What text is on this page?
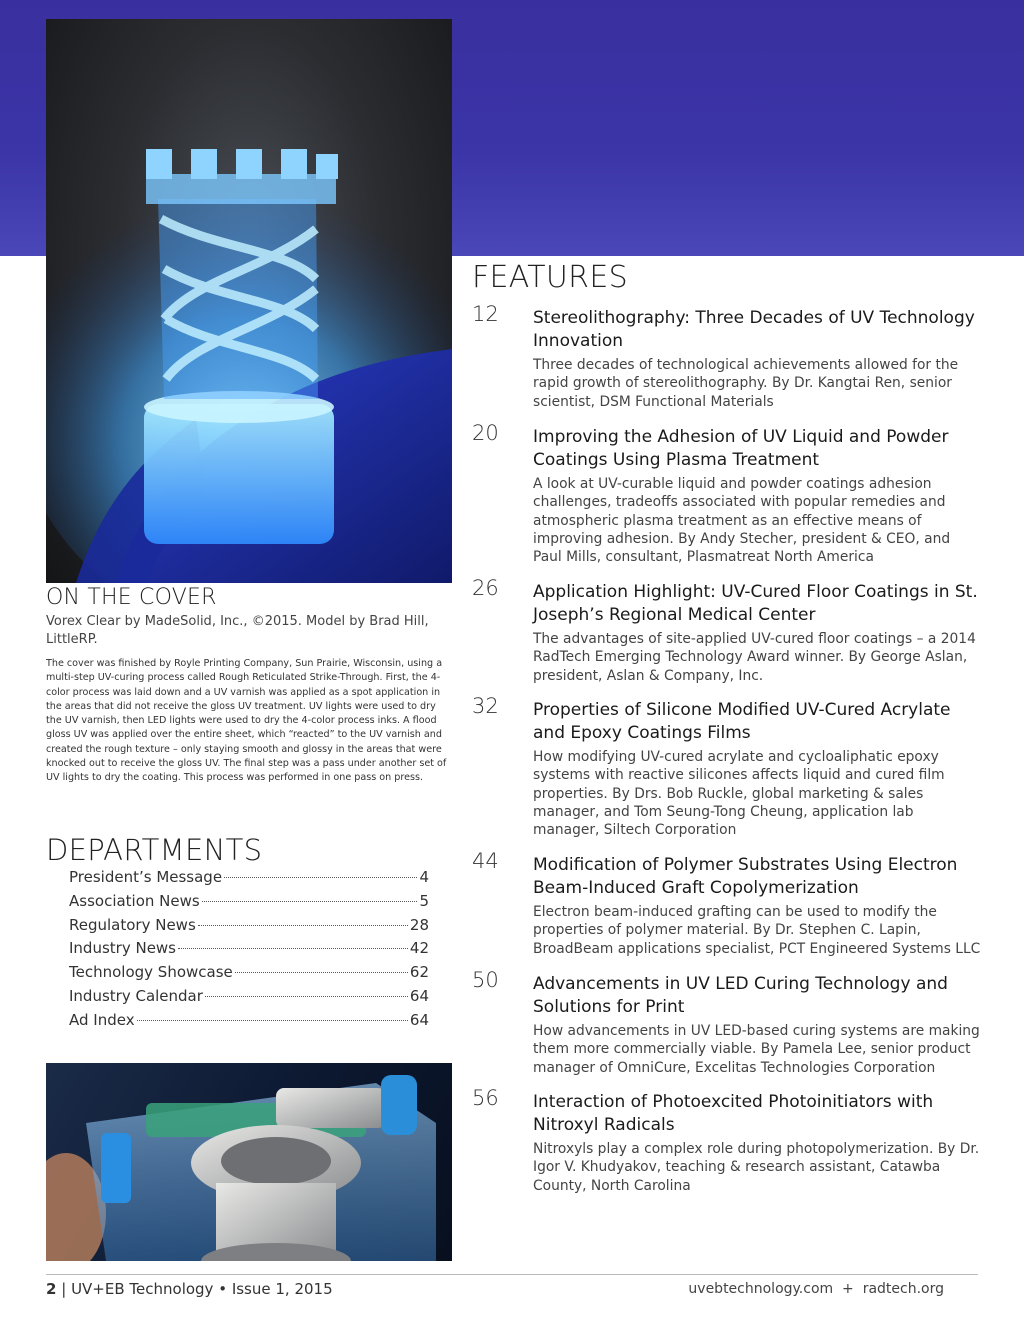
ON THE COVER
Vorex Clear by MadeSolid, Inc., ©2015. Model by Brad Hill, LittleRP.
The cover was finished by Royle Printing Company, Sun Prairie, Wisconsin, using a multi-step UV-curing process called Rough Reticulated Strike-Through. First, the 4-color process was laid down and a UV varnish was applied as a spot application in the areas that did not receive the gloss UV treatment. UV lights were used to dry the UV varnish, then LED lights were used to dry the 4-color process inks. A flood gloss UV was applied over the entire sheet, which “reacted” to the UV varnish and created the rough texture – only staying smooth and glossy in the areas that were knocked out to receive the gloss UV. The final step was a pass under another set of UV lights to dry the coating. This process was performed in one pass on press.
DEPARTMENTS
President’s Message	4
Association News	5
Regulatory News	28
Industry News	42
Technology Showcase	62
Industry Calendar	64
Ad Index	64
FEATURES
12 Stereolithography: Three Decades of UV Technology Innovation
Three decades of technological achievements allowed for the rapid growth of stereolithography. By Dr. Kangtai Ren, senior scientist, DSM Functional Materials
20 Improving the Adhesion of UV Liquid and Powder Coatings Using Plasma Treatment
A look at UV-curable liquid and powder coatings adhesion challenges, tradeoffs associated with popular remedies and atmospheric plasma treatment as an effective means of improving adhesion. By Andy Stecher, president & CEO, and Paul Mills, consultant, Plasmatreat North America
26 Application Highlight: UV-Cured Floor Coatings in St. Joseph’s Regional Medical Center
The advantages of site-applied UV-cured floor coatings – a 2014 RadTech Emerging Technology Award winner. By George Aslan, president, Aslan & Company, Inc.
32 Properties of Silicone Modified UV-Cured Acrylate and Epoxy Coatings Films
How modifying UV-cured acrylate and cycloaliphatic epoxy systems with reactive silicones affects liquid and cured film properties. By Drs. Bob Ruckle, global marketing & sales manager, and Tom Seung-Tong Cheung, application lab manager, Siltech Corporation
44 Modification of Polymer Substrates Using Electron Beam-Induced Graft Copolymerization
Electron beam-induced grafting can be used to modify the properties of polymer material. By Dr. Stephen C. Lapin, BroadBeam applications specialist, PCT Engineered Systems LLC
50 Advancements in UV LED Curing Technology and Solutions for Print
How advancements in UV LED-based curing systems are making them more commercially viable. By Pamela Lee, senior product manager of OmniCure, Excelitas Technologies Corporation
56 Interaction of Photoexcited Photoinitiators with Nitroxyl Radicals
Nitroxyls play a complex role during photopolymerization. By Dr. Igor V. Khudyakov, teaching & research assistant, Catawba County, North Carolina
2 | UV+EB Technology • Issue 1, 2015	uvebtechnology.com  +  radtech.org
